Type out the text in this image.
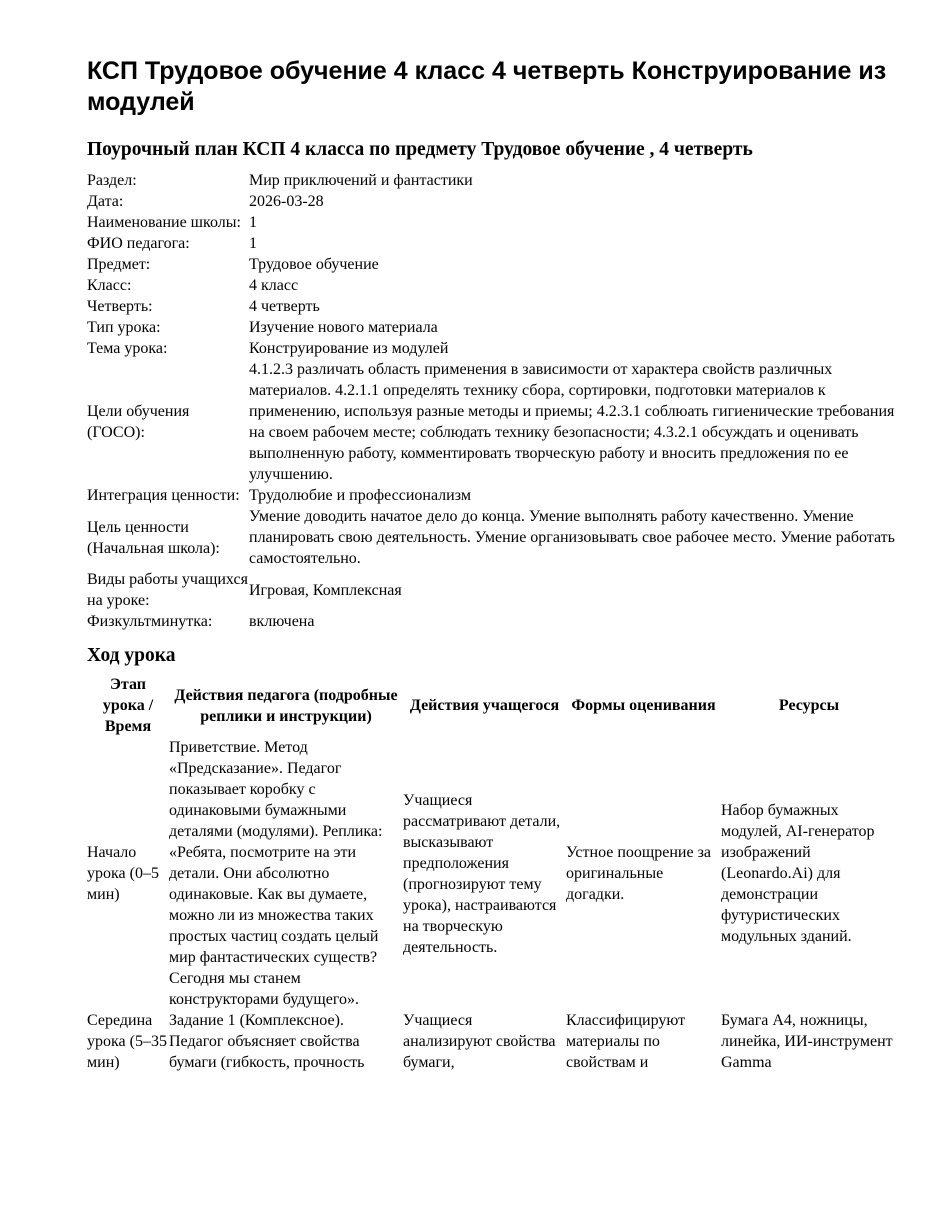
КСП Трудовое обучение 4 класс 4 четверть Конструирование из модулей
Поурочный план КСП 4 класса по предмету Трудовое обучение , 4 четверть
Раздел:	Мир приключений и фантастики
Дата:	2026-03-28
Наименование школы:	1
ФИО педагога:	1
Предмет:	Трудовое обучение
Класс:	4 класс
Четверть:	4 четверть
Тип урока:	Изучение нового материала
Тема урока:	Конструирование из модулей
Цели обучения (ГОСО):	4.1.2.3 различать область применения в зависимости от характера свойств различных материалов. 4.2.1.1 определять технику сбора, сортировки, подготовки материалов к применению, используя разные методы и приемы; 4.2.3.1 соблюать гигиенические требования на своем рабочем месте; соблюдать технику безопасности; 4.3.2.1 обсуждать и оценивать выполненную работу, комментировать творческую работу и вносить предложения по ее улучшению.
Интеграция ценности:	Трудолюбие и профессионализм
Цель ценности (Начальная школа):	Умение доводить начатое дело до конца. Умение выполнять работу качественно. Умение планировать свою деятельность. Умение организовывать свое рабочее место. Умение работать самостоятельно.
Виды работы учащихся на уроке:	Игровая, Комплексная
Физкультминутка:	включена
Ход урока
Этап урока / Время	Действия педагога (подробные реплики и инструкции)	Действия учащегося	Формы оценивания	Ресурсы
Начало урока (0–5 мин)	Приветствие. Метод «Предсказание». Педагог показывает коробку с одинаковыми бумажными деталями (модулями). Реплика: «Ребята, посмотрите на эти детали. Они абсолютно одинаковые. Как вы думаете, можно ли из множества таких простых частиц создать целый мир фантастических существ? Сегодня мы станем конструкторами будущего».	Учащиеся рассматривают детали, высказывают предположения (прогнозируют тему урока), настраиваются на творческую деятельность.	Устное поощрение за оригинальные догадки.	Набор бумажных модулей, AI-генератор изображений (Leonardo.Ai) для демонстрации футуристических модульных зданий.
Середина урока (5–35 мин)	Задание 1 (Комплексное). Педагог объясняет свойства бумаги (гибкость, прочность	Учащиеся анализируют свойства бумаги,	Классифицируют материалы по свойствам и	Бумага А4, ножницы, линейка, ИИ-инструмент Gamma
